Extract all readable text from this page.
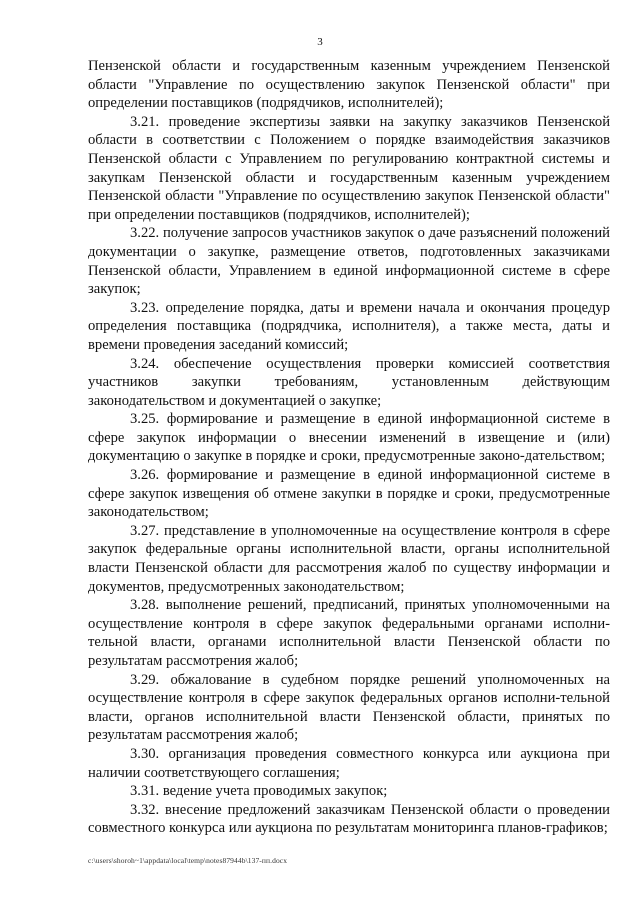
3

Пензенской области и государственным казенным учреждением Пензенской области "Управление по осуществлению закупок Пензенской области" при определении поставщиков (подрядчиков, исполнителей);

3.21. проведение экспертизы заявки на закупку заказчиков Пензенской области в соответствии с Положением о порядке взаимодействия заказчиков Пензенской области с Управлением по регулированию контрактной системы и закупкам Пензенской области и государственным казенным учреждением Пензенской области "Управление по осуществлению закупок Пензенской области" при определении поставщиков (подрядчиков, исполнителей);

3.22. получение запросов участников закупок о даче разъяснений положений документации о закупке, размещение ответов, подготовленных заказчиками Пензенской области, Управлением в единой информационной системе в сфере закупок;

3.23. определение порядка, даты и времени начала и окончания процедур определения поставщика (подрядчика, исполнителя), а также места, даты и времени проведения заседаний комиссий;

3.24. обеспечение осуществления проверки комиссией соответствия участников закупки требованиям, установленным действующим законодательством и документацией о закупке;

3.25. формирование и размещение в единой информационной системе в сфере закупок информации о внесении изменений в извещение и (или) документацию о закупке в порядке и сроки, предусмотренные законо-дательством;

3.26. формирование и размещение в единой информационной системе в сфере закупок извещения об отмене закупки в порядке и сроки, предусмотренные законодательством;

3.27. представление в уполномоченные на осуществление контроля в сфере закупок федеральные органы исполнительной власти, органы исполнительной власти Пензенской области для рассмотрения жалоб по существу информации и документов, предусмотренных законодательством;

3.28. выполнение решений, предписаний, принятых уполномоченными на осуществление контроля в сфере закупок федеральными органами исполни-тельной власти, органами исполнительной власти Пензенской области по результатам рассмотрения жалоб;

3.29. обжалование в судебном порядке решений уполномоченных на осуществление контроля в сфере закупок федеральных органов исполни-тельной власти, органов исполнительной власти Пензенской области, принятых по результатам рассмотрения жалоб;

3.30. организация проведения совместного конкурса или аукциона при наличии соответствующего соглашения;

3.31. ведение учета проводимых закупок;

3.32. внесение предложений заказчикам Пензенской области о проведении совместного конкурса или аукциона по результатам мониторинга планов-графиков;

c:\users\shoroh~1\appdata\local\temp\notes87944b\137-пп.docx
